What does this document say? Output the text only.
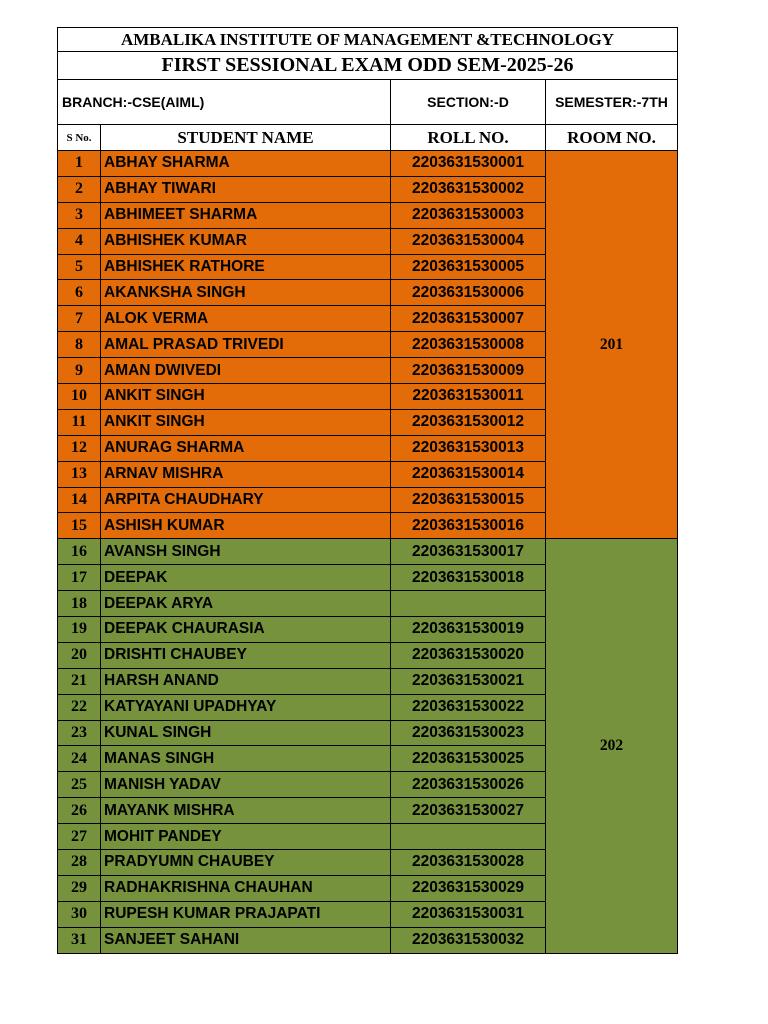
AMBALIKA INSTITUTE OF MANAGEMENT &TECHNOLOGY			
FIRST SESSIONAL EXAM ODD SEM-2025-26			
BRANCH:-CSE(AIML)		SECTION:-D	SEMESTER:-7TH
S No.	STUDENT NAME	ROLL NO.	ROOM NO.
1	ABHAY SHARMA	2203631530001	201
2	ABHAY TIWARI	2203631530002	
3	ABHIMEET SHARMA	2203631530003	
4	ABHISHEK KUMAR	2203631530004	
5	ABHISHEK RATHORE	2203631530005	
6	AKANKSHA SINGH	2203631530006	
7	ALOK VERMA	2203631530007	
8	AMAL PRASAD TRIVEDI	2203631530008	
9	AMAN DWIVEDI	2203631530009	
10	ANKIT SINGH	2203631530011	
11	ANKIT SINGH	2203631530012	
12	ANURAG SHARMA	2203631530013	
13	ARNAV MISHRA	2203631530014	
14	ARPITA CHAUDHARY	2203631530015	
15	ASHISH KUMAR	2203631530016	
16	AVANSH SINGH	2203631530017	202
17	DEEPAK	2203631530018	
18	DEEPAK ARYA		
19	DEEPAK CHAURASIA	2203631530019	
20	DRISHTI CHAUBEY	2203631530020	
21	HARSH ANAND	2203631530021	
22	KATYAYANI UPADHYAY	2203631530022	
23	KUNAL SINGH	2203631530023	
24	MANAS SINGH	2203631530025	
25	MANISH YADAV	2203631530026	
26	MAYANK MISHRA	2203631530027	
27	MOHIT PANDEY		
28	PRADYUMN CHAUBEY	2203631530028	
29	RADHAKRISHNA CHAUHAN	2203631530029	
30	RUPESH KUMAR PRAJAPATI	2203631530031	
31	SANJEET SAHANI	2203631530032	
